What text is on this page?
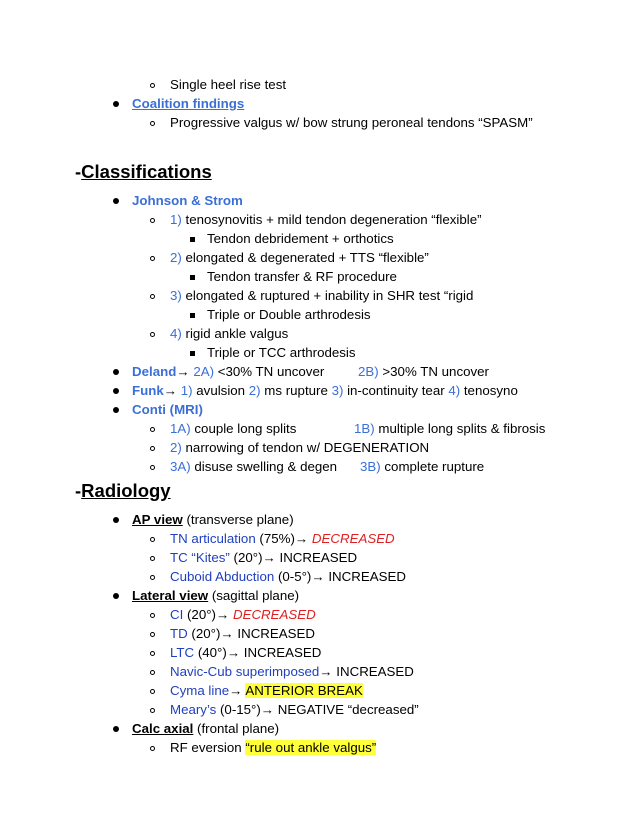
Single heel rise test
Coalition findings
Progressive valgus w/ bow strung peroneal tendons “SPASM”
-Classifications
Johnson & Strom
1) tenosynovitis + mild tendon degeneration “flexible”
Tendon debridement + orthotics
2) elongated & degenerated + TTS “flexible”
Tendon transfer & RF procedure
3) elongated & ruptured + inability in SHR test “rigid
Triple or Double arthrodesis
4) rigid ankle valgus
Triple or TCC arthrodesis
Deland→ 2A) <30% TN uncover	2B) >30% TN uncover
Funk→ 1) avulsion 2) ms rupture 3) in-continuity tear 4) tenosyno
Conti (MRI)
1A) couple long splits	1B) multiple long splits & fibrosis
2) narrowing of tendon w/ DEGENERATION
3A) disuse swelling & degen 3B) complete rupture
-Radiology
AP view (transverse plane)
TN articulation (75%)→ DECREASED
TC “Kites” (20°)→ INCREASED
Cuboid Abduction (0-5°)→ INCREASED
Lateral view (sagittal plane)
CI (20°)→ DECREASED
TD (20°)→ INCREASED
LTC (40°)→ INCREASED
Navic-Cub superimposed→ INCREASED
Cyma line→ ANTERIOR BREAK
Meary’s (0-15°)→ NEGATIVE “decreased”
Calc axial (frontal plane)
RF eversion “rule out ankle valgus”
